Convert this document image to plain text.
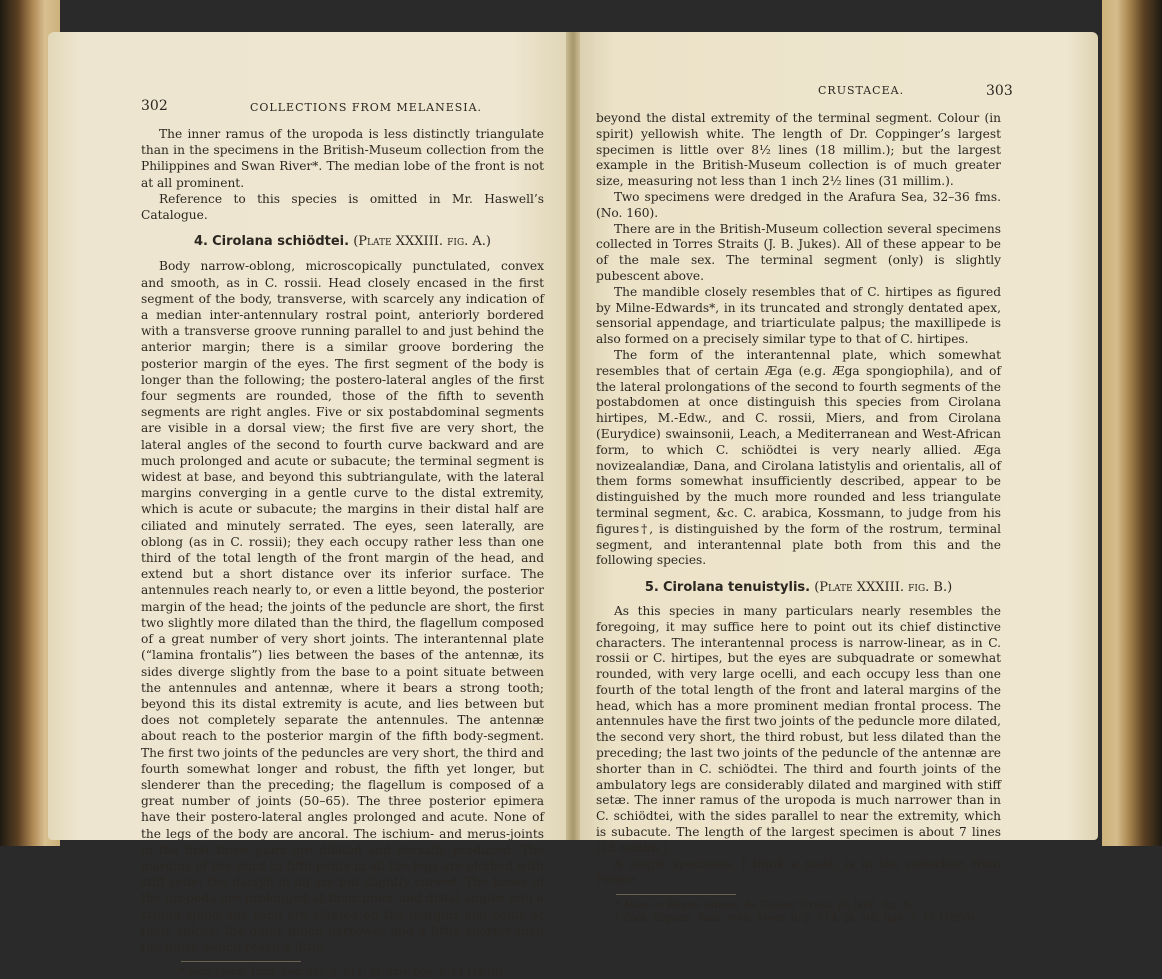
302	COLLECTIONS FROM MELANESIA.

The inner ramus of the uropoda is less distinctly triangulate than in the specimens in the British-Museum collection from the Philippines and Swan River*. The median lobe of the front is not at all prominent.

Reference to this species is omitted in Mr. Haswell’s Catalogue.

4. Cirolana schiödtei. (Plate XXXIII. fig. A.)

Body narrow-oblong, microscopically punctulated, convex and smooth, as in C. rossii. Head closely encased in the first segment of the body, transverse, with scarcely any indication of a median inter-antennulary rostral point, anteriorly bordered with a transverse groove running parallel to and just behind the anterior margin; there is a similar groove bordering the posterior margin of the eyes. The first segment of the body is longer than the following; the postero-lateral angles of the first four segments are rounded, those of the fifth to seventh segments are right angles. Five or six postabdominal segments are visible in a dorsal view; the first five are very short, the lateral angles of the second to fourth curve backward and are much prolonged and acute or subacute; the terminal segment is widest at base, and beyond this subtriangulate, with the lateral margins converging in a gentle curve to the distal extremity, which is acute or subacute; the margins in their distal half are ciliated and minutely serrated. The eyes, seen laterally, are oblong (as in C. rossii); they each occupy rather less than one third of the total length of the front margin of the head, and extend but a short distance over its inferior surface. The antennules reach nearly to, or even a little beyond, the posterior margin of the head; the joints of the peduncle are short, the first two slightly more dilated than the third, the flagellum composed of a great number of very short joints. The interantennal plate (“lamina frontalis”) lies between the bases of the antennæ, its sides diverge slightly from the base to a point situate between the antennules and antennæ, where it bears a strong tooth; beyond this its distal extremity is acute, and lies between but does not completely separate the antennules. The antennæ about reach to the posterior margin of the fifth body-segment. The first two joints of the peduncles are very short, the third and fourth somewhat longer and robust, the fifth yet longer, but slenderer than the preceding; the flagellum is composed of a great number of joints (50–65). The three posterior epimera have their postero-lateral angles prolonged and acute. None of the legs of the body are ancoral. The ischium- and merus-joints in the first three pairs are dilated and dorsally produced. The margins of the third to fifth joints in all the legs are clothed with stiff setæ; the dactyli in all are but slightly curved. The bases of the uropoda are prolonged at their inner and distal angles into a strong spine; the rami are ciliated on the margins and acute at their apices, the outer much narrower and a little shorter than the inner, which reach a little

* Vide Journ. Linn. Soc. xiii. p. 511, pl. xxiv. figs. 6–11 (1878).

CRUSTACEA.	303

beyond the distal extremity of the terminal segment. Colour (in spirit) yellowish white. The length of Dr. Coppinger’s largest specimen is little over 8½ lines (18 millim.); but the largest example in the British-Museum collection is of much greater size, measuring not less than 1 inch 2½ lines (31 millim.).

Two specimens were dredged in the Arafura Sea, 32–36 fms. (No. 160).

There are in the British-Museum collection several specimens collected in Torres Straits (J. B. Jukes). All of these appear to be of the male sex. The terminal segment (only) is slightly pubescent above.

The mandible closely resembles that of C. hirtipes as figured by Milne-Edwards*, in its truncated and strongly dentated apex, sensorial appendage, and triarticulate palpus; the maxillipede is also formed on a precisely similar type to that of C. hirtipes.

The form of the interantennal plate, which somewhat resembles that of certain Æga (e.g. Æga spongiophila), and of the lateral prolongations of the second to fourth segments of the postabdomen at once distinguish this species from Cirolana hirtipes, M.-Edw., and C. rossii, Miers, and from Cirolana (Eurydice) swainsonii, Leach, a Mediterranean and West-African form, to which C. schiödtei is very nearly allied. Æga novizealandiæ, Dana, and Cirolana latistylis and orientalis, all of them forms somewhat insufficiently described, appear to be distinguished by the much more rounded and less triangulate terminal segment, &c. C. arabica, Kossmann, to judge from his figures†, is distinguished by the form of the rostrum, terminal segment, and interantennal plate both from this and the following species.

5. Cirolana tenuistylis. (Plate XXXIII. fig. B.)

As this species in many particulars nearly resembles the foregoing, it may suffice here to point out its chief distinctive characters. The interantennal process is narrow-linear, as in C. rossii or C. hirtipes, but the eyes are subquadrate or somewhat rounded, with very large ocelli, and each occupy less than one fourth of the total length of the front and lateral margins of the head, which has a more prominent median frontal process. The antennules have the first two joints of the peduncle more dilated, the second very short, the third robust, but less dilated than the preceding; the last two joints of the peduncle of the antennæ are shorter than in C. schiödtei. The third and fourth joints of the ambulatory legs are considerably dilated and margined with stiff setæ. The inner ramus of the uropoda is much narrower than in C. schiödtei, with the sides parallel to near the extremity, which is subacute. The length of the largest specimen is about 7 lines (15 millim.).

A single specimen, I think a male, is in the collection from Prince

* Atlas in Règne Animal de Cuvier, Crust. pl. lxvii. fig. 8.

† Zool. Ergebn. Reis. roth. Meer. ii. p. 114, pl. viii. figs. 7, 11 (1880).
